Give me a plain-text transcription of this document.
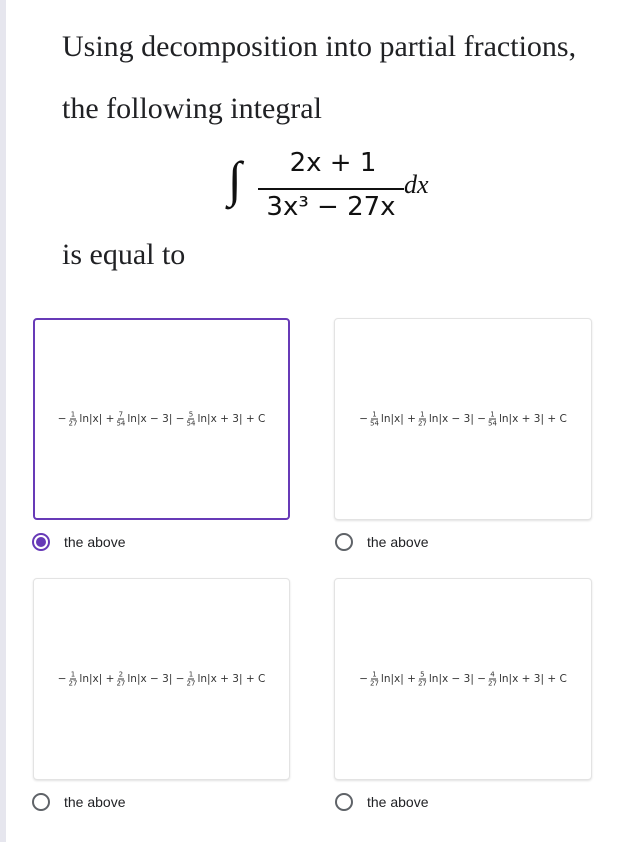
Using decomposition into partial fractions,
the following integral
∫	2x + 1
3x³ − 27x
dx
is equal to
− $\frac{1}{27} \ln|x| + \frac{7}{54} \ln|x - 3| - \frac{5}{54} \ln|x + 3| + C$
the above
− $\frac{1}{54} \ln|x| + \frac{1}{27} \ln|x - 3| - \frac{1}{54} \ln|x + 3| + C$
the above
− $\frac{1}{27} \ln|x| + \frac{2}{27} \ln|x - 3| - \frac{1}{27} \ln|x + 3| + C$
the above
− $\frac{1}{27} \ln|x| + \frac{5}{27} \ln|x - 3| - \frac{4}{27} \ln|x + 3| + C$
the above
